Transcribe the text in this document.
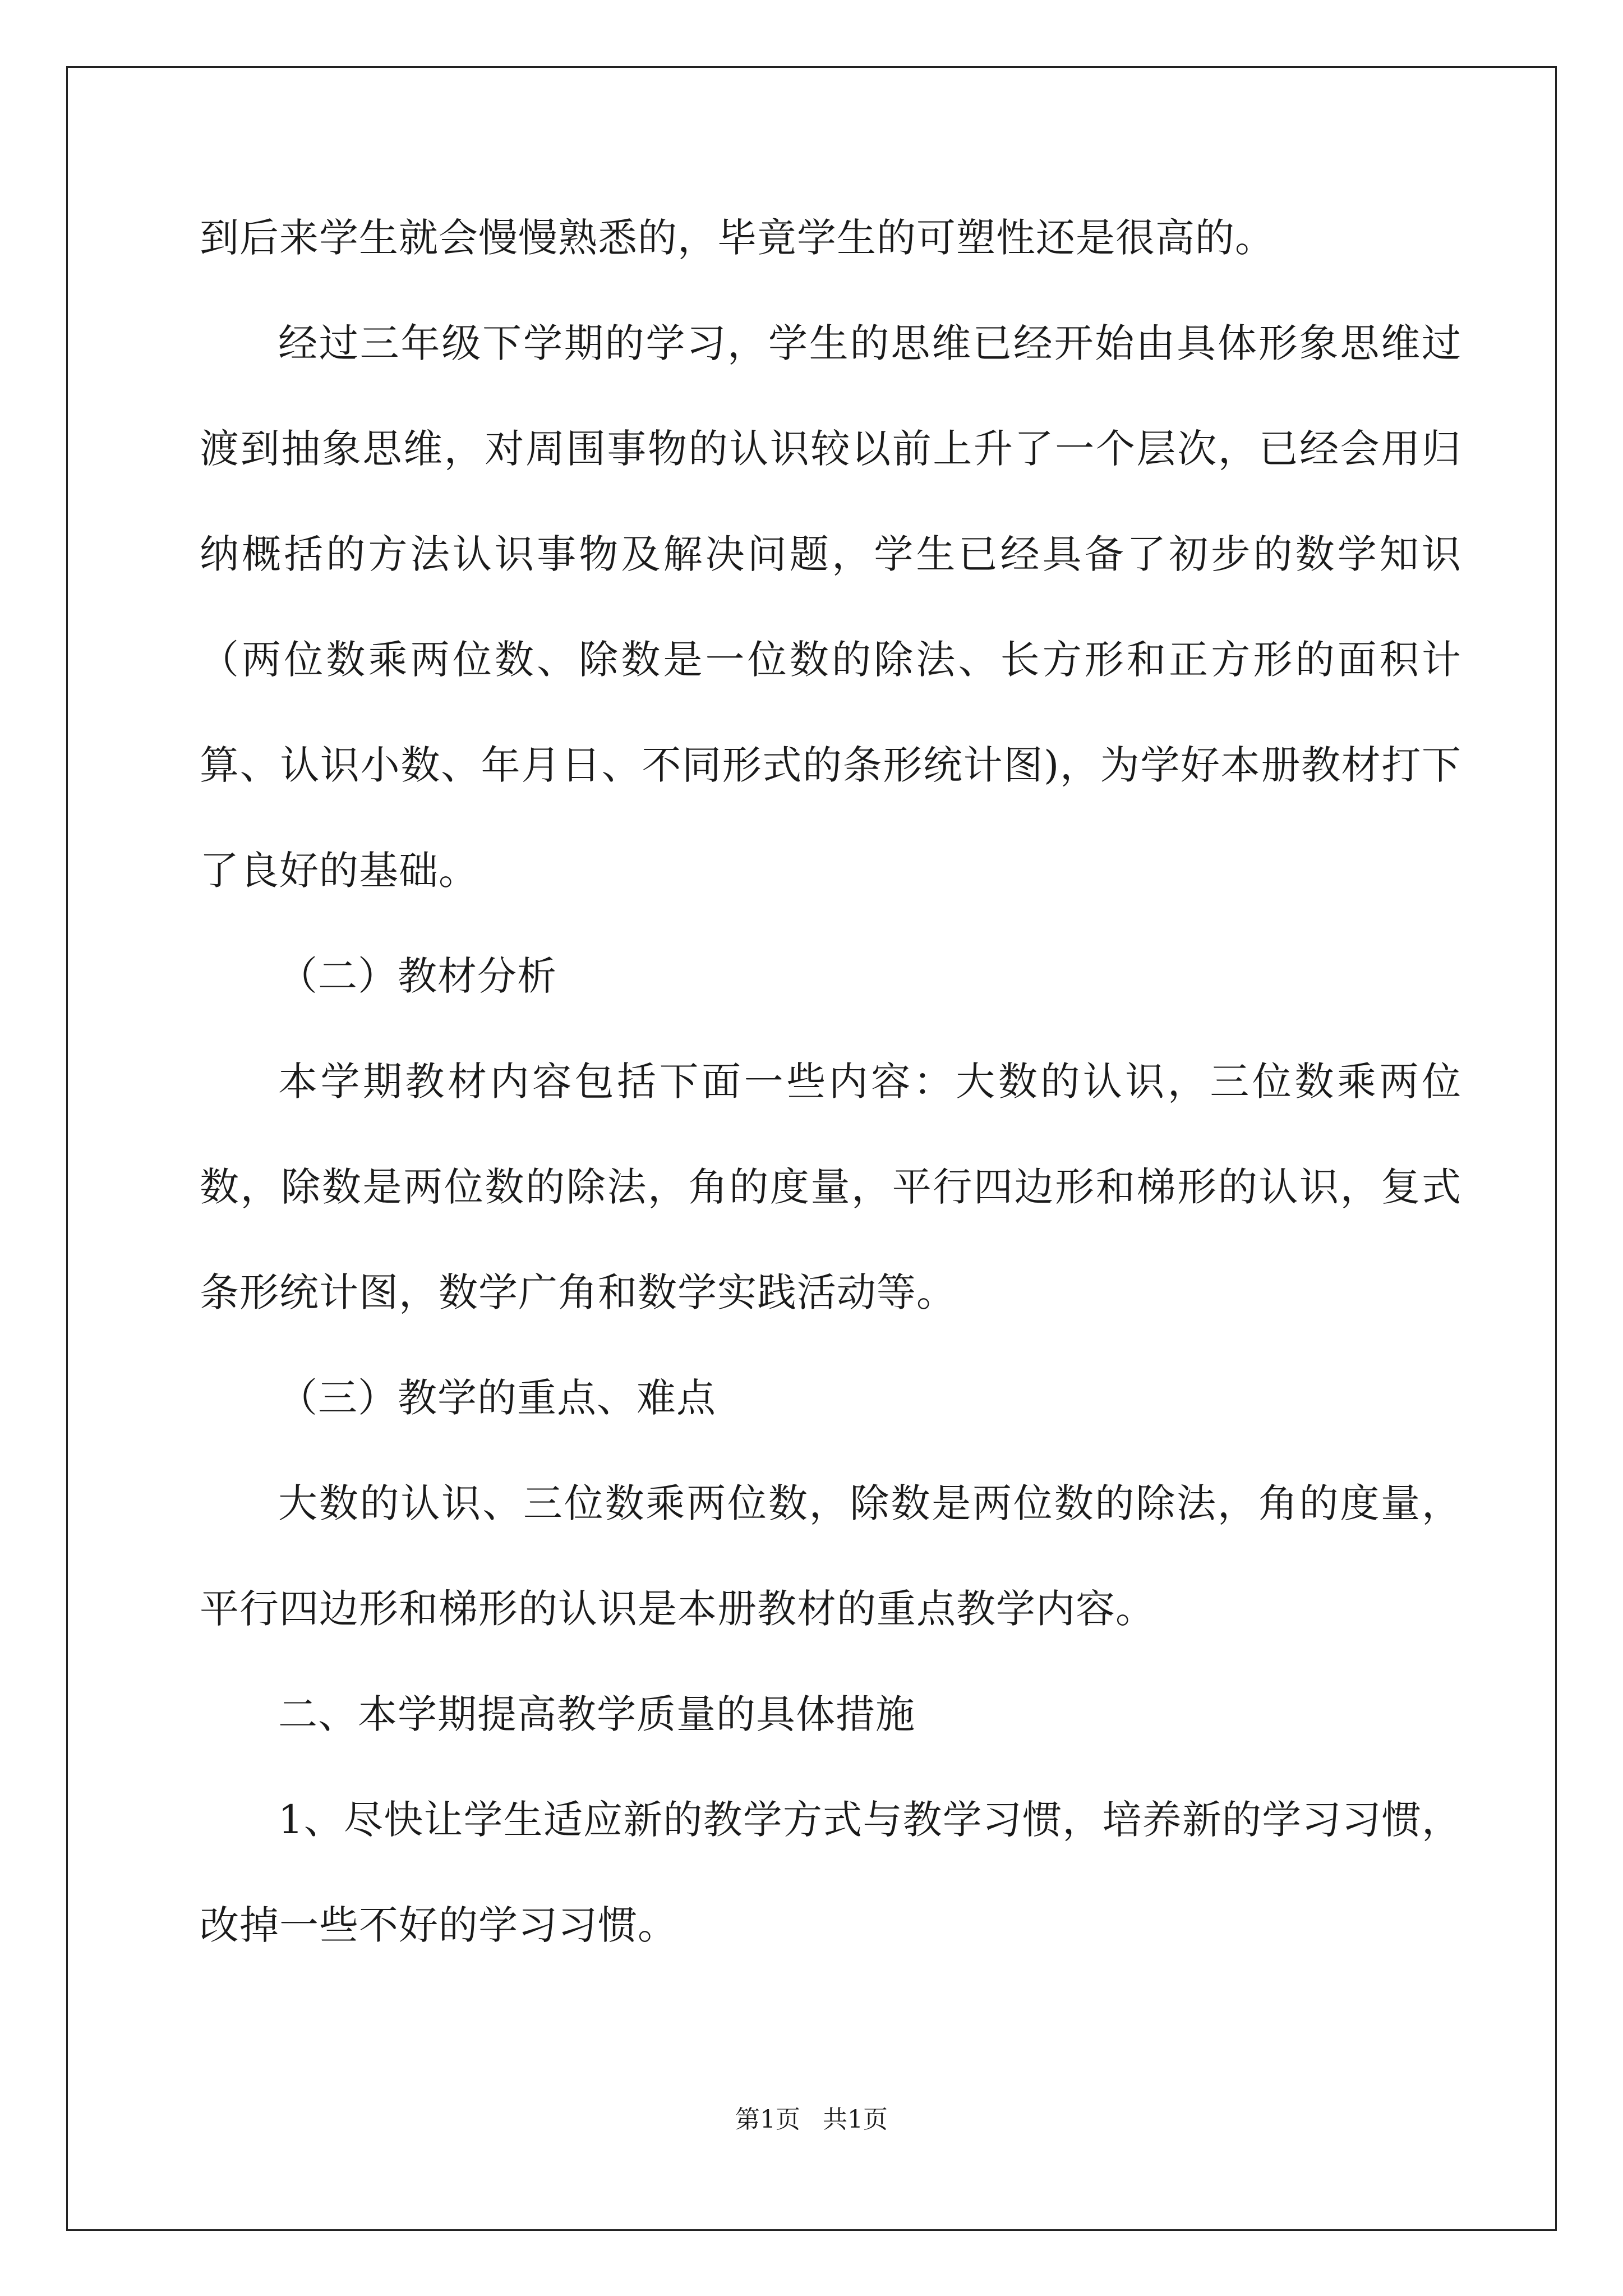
到后来学生就会慢慢熟悉的，毕竟学生的可塑性还是很高的。

经过三年级下学期的学习，学生的思维已经开始由具体形象思维过渡到抽象思维，对周围事物的认识较以前上升了一个层次，已经会用归纳概括的方法认识事物及解决问题，学生已经具备了初步的数学知识（两位数乘两位数、除数是一位数的除法、长方形和正方形的面积计算、认识小数、年月日、不同形式的条形统计图)，为学好本册教材打下了良好的基础。

（二）教材分析

本学期教材内容包括下面一些内容：大数的认识，三位数乘两位数，除数是两位数的除法，角的度量，平行四边形和梯形的认识，复式条形统计图，数学广角和数学实践活动等。

（三）教学的重点、难点

大数的认识、三位数乘两位数，除数是两位数的除法，角的度量，平行四边形和梯形的认识是本册教材的重点教学内容。

二、本学期提高教学质量的具体措施

1、尽快让学生适应新的教学方式与教学习惯，培养新的学习习惯，改掉一些不好的学习习惯。

第1页 共1页
